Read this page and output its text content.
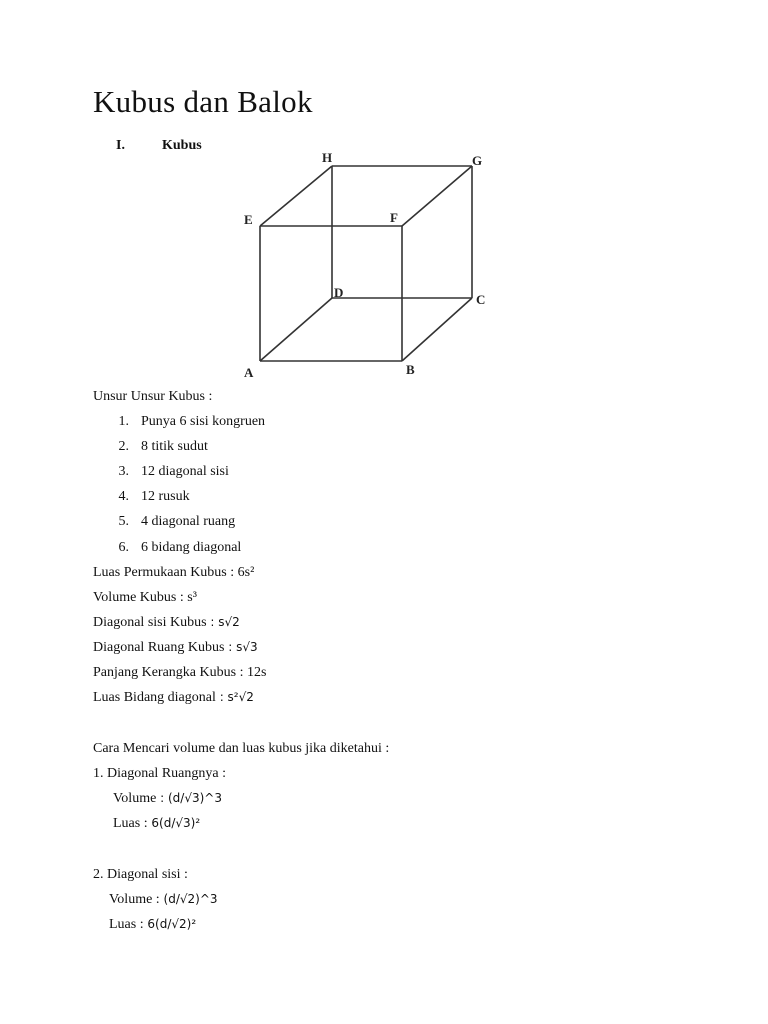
Kubus dan Balok
I.	Kubus
A	B
C
D
E	F
G
H
Unsur Unsur Kubus :
1. Punya 6 sisi kongruen
2. 8 titik sudut
3. 12 diagonal sisi
4. 12 rusuk
5. 4 diagonal ruang
6. 6 bidang diagonal
Luas Permukaan Kubus : 6s²
Volume Kubus : s³
Diagonal sisi Kubus : s√2
Diagonal Ruang Kubus : s√3
Panjang Kerangka Kubus : 12s
Luas Bidang diagonal : s²√2
Cara Mencari volume dan luas kubus jika diketahui :
1. Diagonal Ruangnya :
Volume : (d/√3)^3
Luas : 6(d/√3)²
2. Diagonal sisi :
Volume : (d/√2)^3
Luas : 6(d/√2)²
